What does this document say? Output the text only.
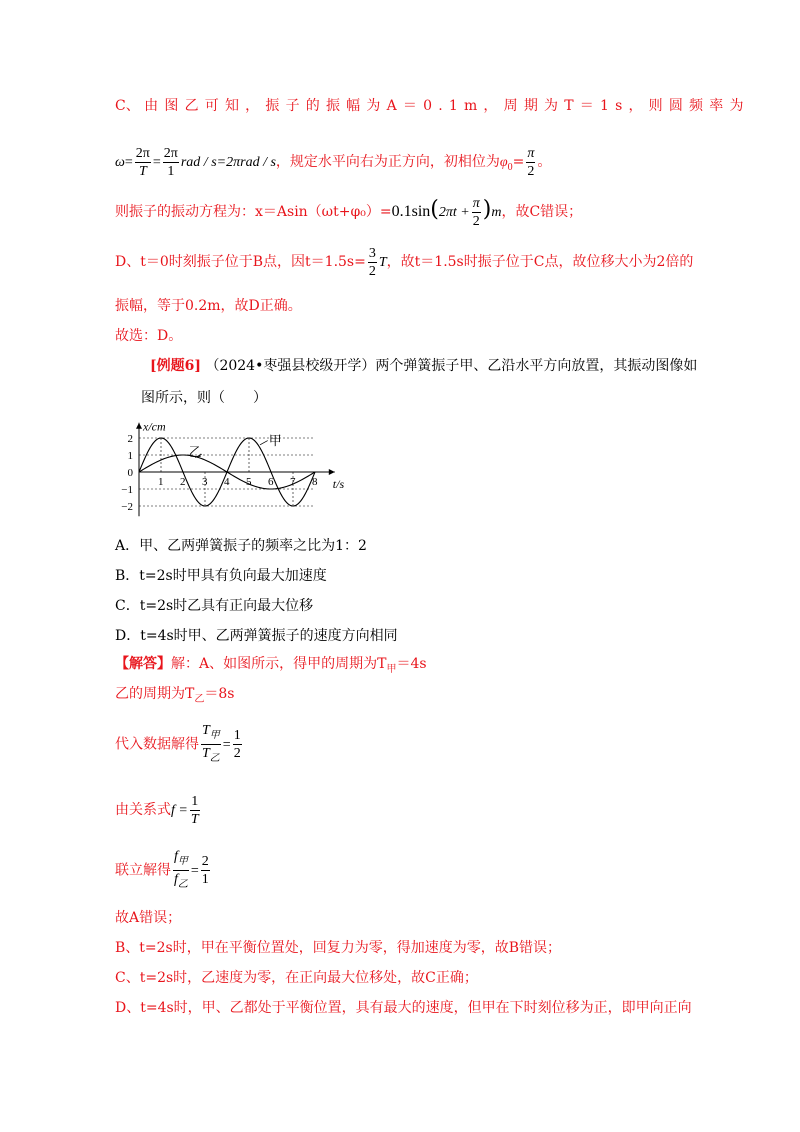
C、 由图乙可知，振子的振幅为A＝0.1m，周期为T＝1s，则圆频率为
$\omega= \frac{2\pi}{T} = \frac{2\pi}{1}$ rad / s=2πrad / s，规定水平向右为正方向，初相位为$\varphi_0= \frac{\pi}{2}$ 。
则振子的振动方程为：$x=Asin(\omega t+\varphi_0)=0.1\sin(2\pi t + \frac{\pi}{2} )m$，故C错误；
D、t＝0时刻振子位于B点，因$t=1.5s= \frac{3}{2}$ T，故t＝1.5s时振子位于C点，故位移大小为2倍的
振幅，等于0.2m，故D正确。
故选：D。
[例题6] （2024•枣强县校级开学）两个弹簧振子甲、乙沿水平方向放置，其振动图像如
图所示，则（　　）
x/cm
t/s
1 2 3 4 5 6 7 8
2
1
0
−1
−2
甲
乙
A．甲、乙两弹簧振子的频率之比为1：2
B．t=2s时甲具有负向最大加速度
C．t=2s时乙具有正向最大位移
D．t=4s时甲、乙两弹簧振子的速度方向相同
【解答】解：A、如图所示，得甲的周期为$T_甲=4s$
乙的周期为$T_乙=8s$
代入数据解得 $\frac{T_甲}{T_乙} = \frac{1}{2}$
由关系式$f = \frac{1}{T}$
联立解得 $\frac{f_甲}{f_乙} = \frac{2}{1}$
故A错误；
B、t=2s时，甲在平衡位置处，回复力为零，得加速度为零，故B错误；
C、t=2s时，乙速度为零，在正向最大位移处，故C正确；
D、t=4s时，甲、乙都处于平衡位置，具有最大的速度，但甲在下时刻位移为正，即甲向正向
